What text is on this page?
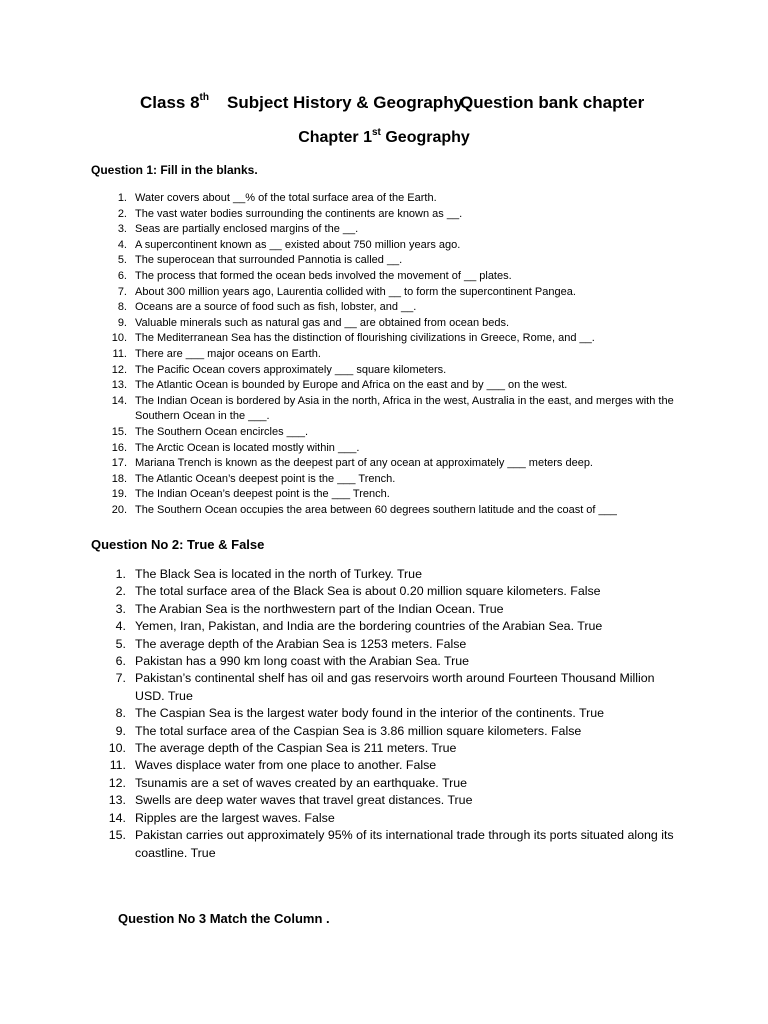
Class 8th Subject History & Geography
Question bank chapter
Chapter 1st Geography
Question 1: Fill in the blanks.
1. Water covers about __% of the total surface area of the Earth.
2. The vast water bodies surrounding the continents are known as __.
3. Seas are partially enclosed margins of the __.
4. A supercontinent known as __ existed about 750 million years ago.
5. The superocean that surrounded Pannotia is called __.
6. The process that formed the ocean beds involved the movement of __ plates.
7. About 300 million years ago, Laurentia collided with __ to form the supercontinent Pangea.
8. Oceans are a source of food such as fish, lobster, and __.
9. Valuable minerals such as natural gas and __ are obtained from ocean beds.
10. The Mediterranean Sea has the distinction of flourishing civilizations in Greece, Rome, and __.
11. There are ___ major oceans on Earth.
12. The Pacific Ocean covers approximately ___ square kilometers.
13. The Atlantic Ocean is bounded by Europe and Africa on the east and by ___ on the west.
14. The Indian Ocean is bordered by Asia in the north, Africa in the west, Australia in the east, and merges with the Southern Ocean in the ___.
15. The Southern Ocean encircles ___.
16. The Arctic Ocean is located mostly within ___.
17. Mariana Trench is known as the deepest part of any ocean at approximately ___ meters deep.
18. The Atlantic Ocean’s deepest point is the ___ Trench.
19. The Indian Ocean’s deepest point is the ___ Trench.
20. The Southern Ocean occupies the area between 60 degrees southern latitude and the coast of ___
Question No 2: True & False
1. The Black Sea is located in the north of Turkey. True
2. The total surface area of the Black Sea is about 0.20 million square kilometers. False
3. The Arabian Sea is the northwestern part of the Indian Ocean. True
4. Yemen, Iran, Pakistan, and India are the bordering countries of the Arabian Sea. True
5. The average depth of the Arabian Sea is 1253 meters. False
6. Pakistan has a 990 km long coast with the Arabian Sea. True
7. Pakistan’s continental shelf has oil and gas reservoirs worth around Fourteen Thousand Million USD. True
8. The Caspian Sea is the largest water body found in the interior of the continents. True
9. The total surface area of the Caspian Sea is 3.86 million square kilometers. False
10. The average depth of the Caspian Sea is 211 meters. True
11. Waves displace water from one place to another. False
12. Tsunamis are a set of waves created by an earthquake. True
13. Swells are deep water waves that travel great distances. True
14. Ripples are the largest waves. False
15. Pakistan carries out approximately 95% of its international trade through its ports situated along its coastline. True
Question No 3 Match the Column .
